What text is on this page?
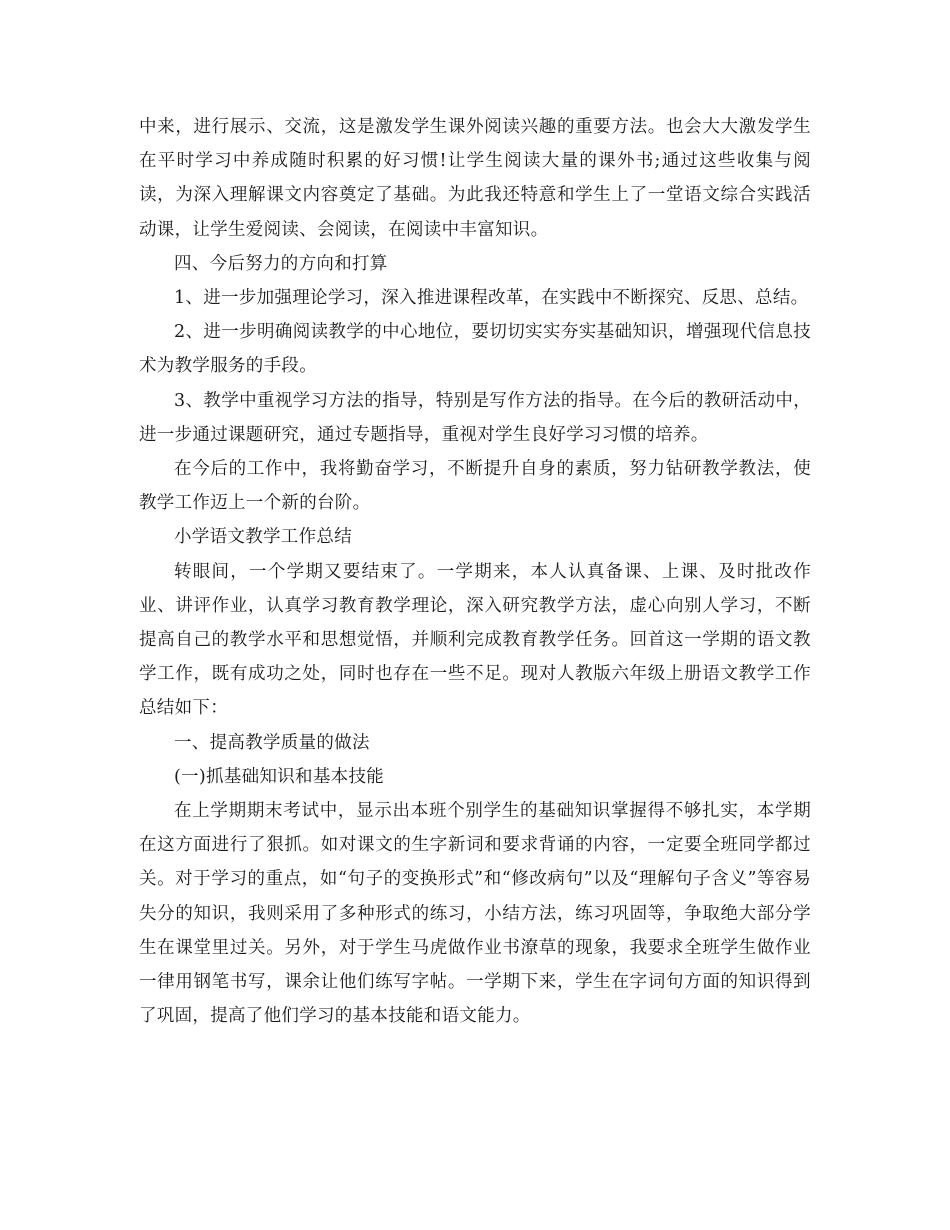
中来，进行展示、交流，这是激发学生课外阅读兴趣的重要方法。也会大大激发学生在平时学习中养成随时积累的好习惯!让学生阅读大量的课外书;通过这些收集与阅读，为深入理解课文内容奠定了基础。为此我还特意和学生上了一堂语文综合实践活动课，让学生爱阅读、会阅读，在阅读中丰富知识。

四、今后努力的方向和打算

1、进一步加强理论学习，深入推进课程改革，在实践中不断探究、反思、总结。

2、进一步明确阅读教学的中心地位，要切切实实夯实基础知识，增强现代信息技术为教学服务的手段。

3、教学中重视学习方法的指导，特别是写作方法的指导。在今后的教研活动中，进一步通过课题研究，通过专题指导，重视对学生良好学习习惯的培养。

在今后的工作中，我将勤奋学习，不断提升自身的素质，努力钻研教学教法，使教学工作迈上一个新的台阶。

小学语文教学工作总结

转眼间，一个学期又要结束了。一学期来，本人认真备课、上课、及时批改作业、讲评作业，认真学习教育教学理论，深入研究教学方法，虚心向别人学习，不断提高自己的教学水平和思想觉悟，并顺利完成教育教学任务。回首这一学期的语文教学工作，既有成功之处，同时也存在一些不足。现对人教版六年级上册语文教学工作总结如下：

一、提高教学质量的做法

(一)抓基础知识和基本技能

在上学期期末考试中，显示出本班个别学生的基础知识掌握得不够扎实，本学期在这方面进行了狠抓。如对课文的生字新词和要求背诵的内容，一定要全班同学都过关。对于学习的重点，如“句子的变换形式”和“修改病句”以及“理解句子含义”等容易失分的知识，我则采用了多种形式的练习，小结方法，练习巩固等，争取绝大部分学生在课堂里过关。另外，对于学生马虎做作业书潦草的现象，我要求全班学生做作业一律用钢笔书写，课余让他们练写字帖。一学期下来，学生在字词句方面的知识得到了巩固，提高了他们学习的基本技能和语文能力。
